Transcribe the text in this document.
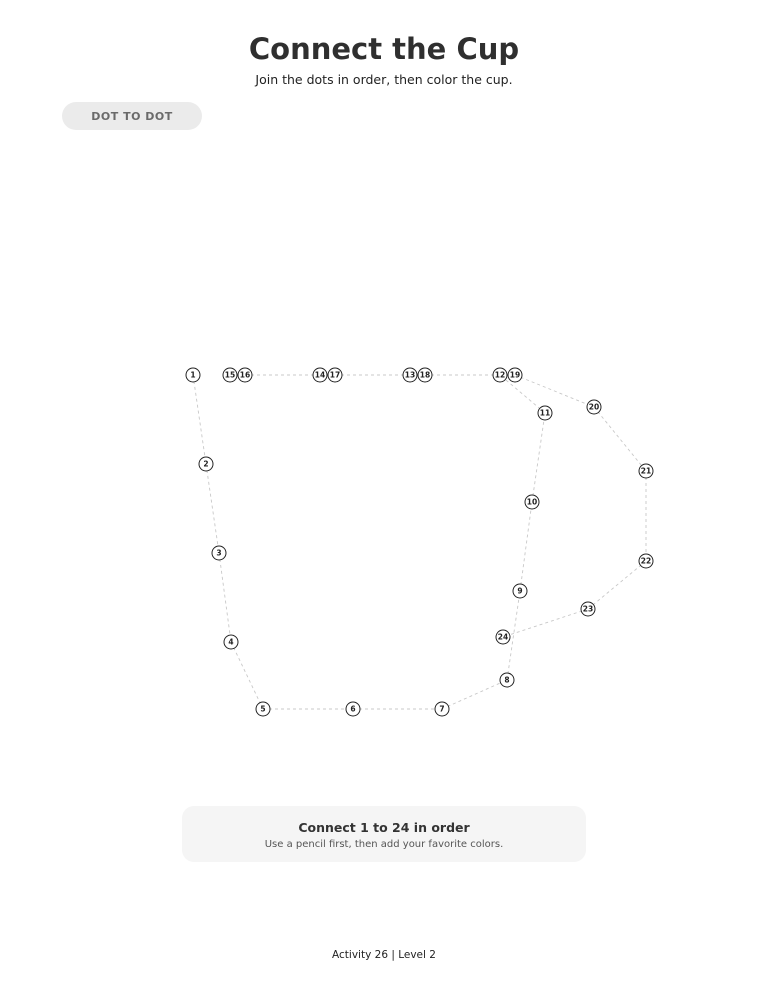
Connect the Cup
Join the dots in order, then color the cup.
DOT TO DOT
1
2
3
4
5	6	7
8
9
10
11
12
13
14
15 16	17	18	19
20
21
22
23
24
Connect 1 to 24 in order
Use a pencil first, then add your favorite colors.
Activity 26 | Level 2
